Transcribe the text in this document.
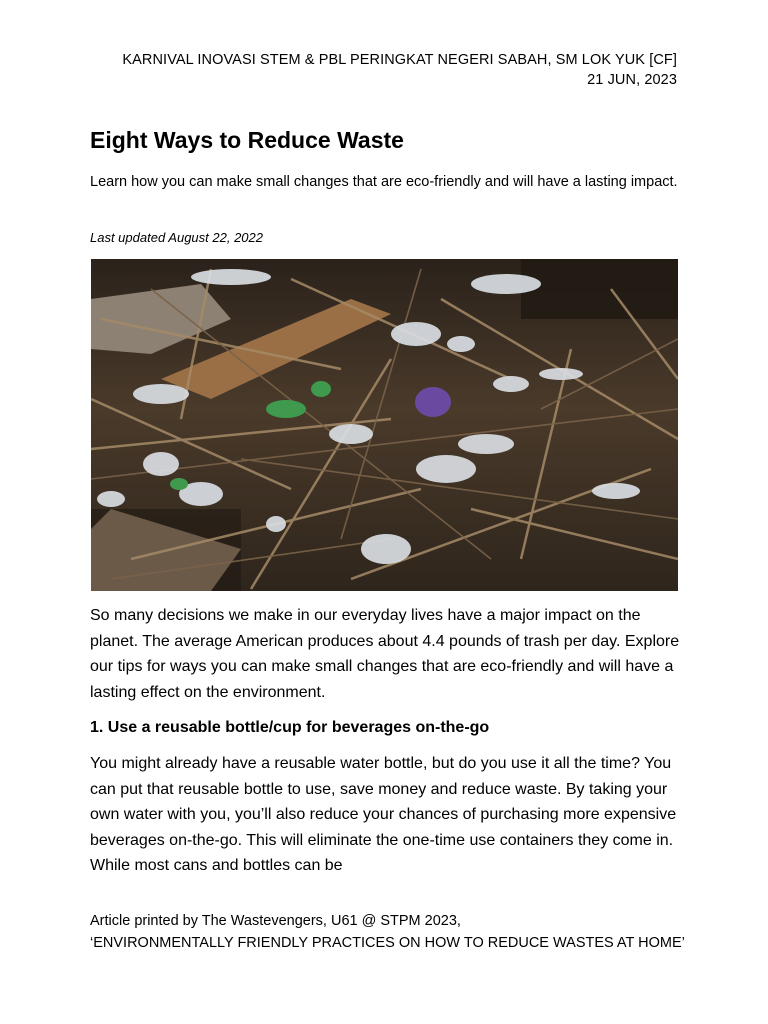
KARNIVAL INOVASI STEM & PBL PERINGKAT NEGERI SABAH, SM LOK YUK [CF]
21 JUN, 2023
Eight Ways to Reduce Waste

Learn how you can make small changes that are eco-friendly and will have a lasting impact.

Last updated August 22, 2022

So many decisions we make in our everyday lives have a major impact on the planet. The average American produces about 4.4 pounds of trash per day. Explore our tips for ways you can make small changes that are eco-friendly and will have a lasting effect on the environment.

1. Use a reusable bottle/cup for beverages on-the-go

You might already have a reusable water bottle, but do you use it all the time? You can put that reusable bottle to use, save money and reduce waste. By taking your own water with you, you’ll also reduce your chances of purchasing more expensive beverages on-the-go. This will eliminate the one-time use containers they come in. While most cans and bottles can be

Article printed by The Wastevengers, U61 @ STPM 2023,
‘ENVIRONMENTALLY FRIENDLY PRACTICES ON HOW TO REDUCE WASTES AT HOME’
